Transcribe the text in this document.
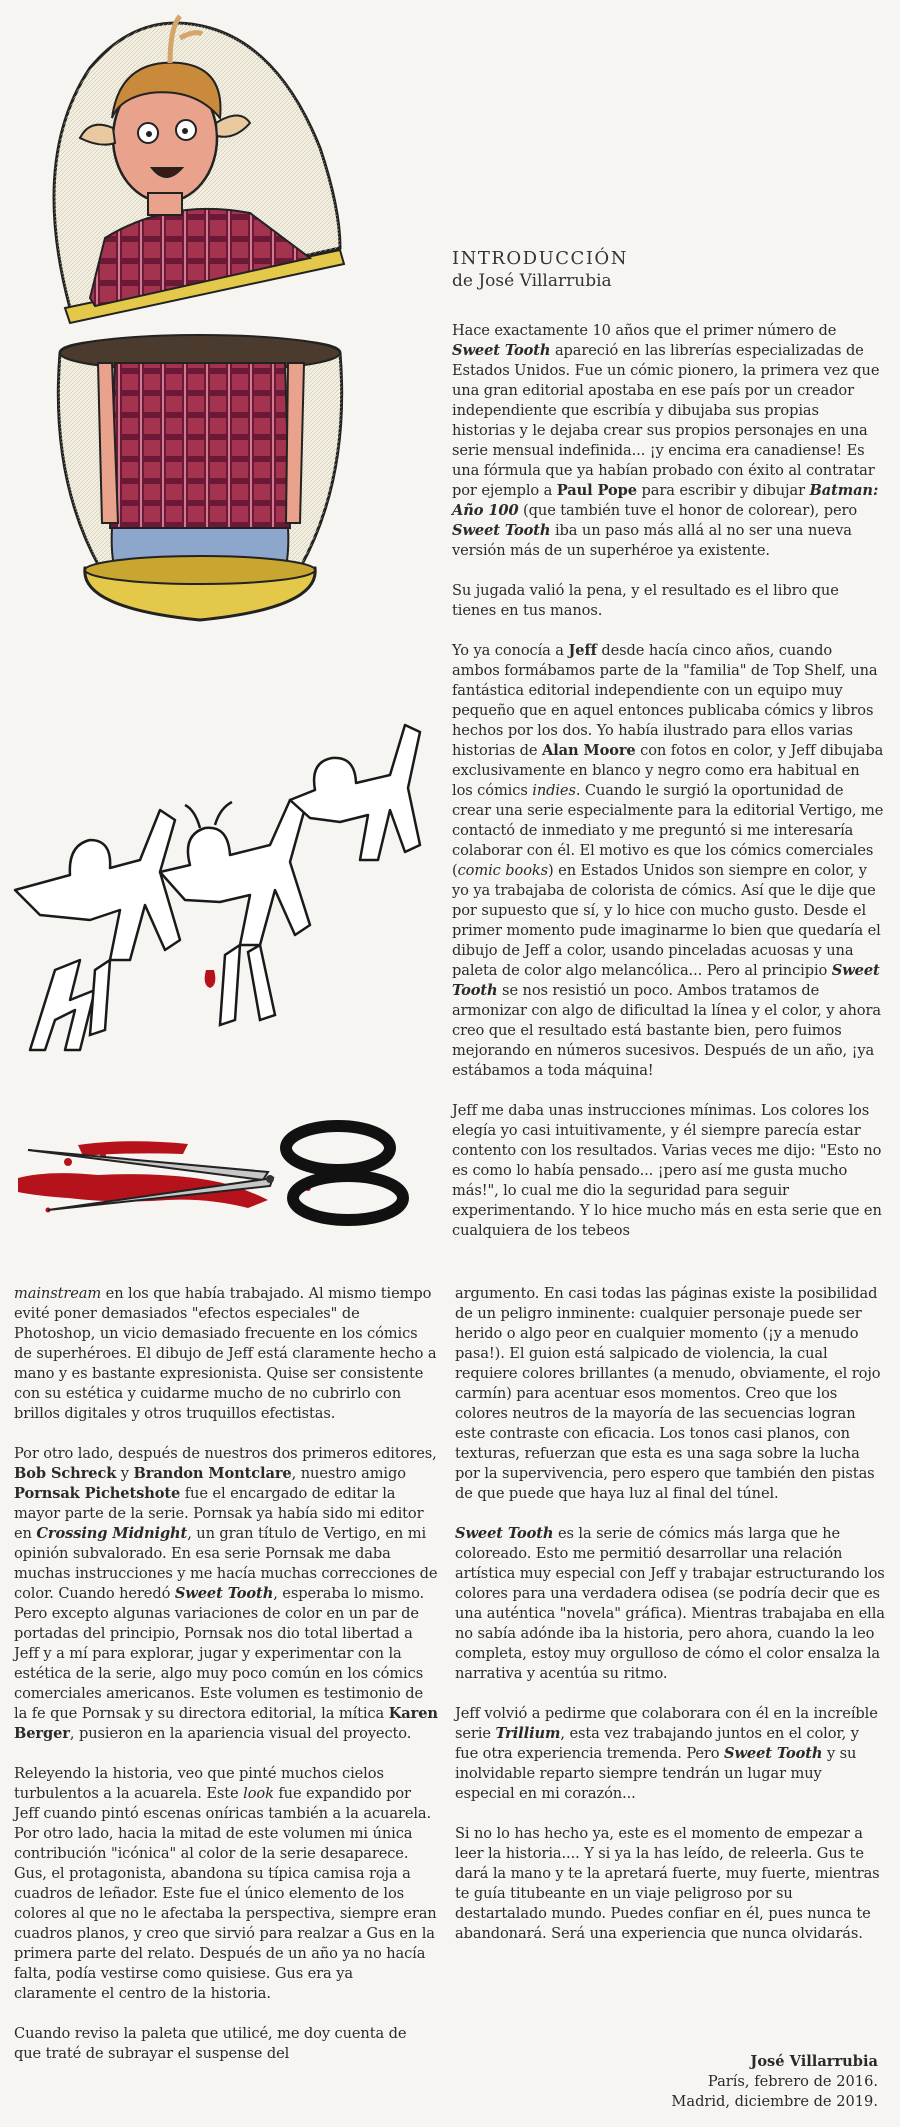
INTRODUCCIÓN
de José Villarrubia

Hace exactamente 10 años que el primer número de Sweet Tooth apareció en las librerías especializadas de Estados Unidos. Fue un cómic pionero, la primera vez que una gran editorial apostaba en ese país por un creador independiente que escribía y dibujaba sus propias historias y le dejaba crear sus propios personajes en una serie mensual indefinida... ¡y encima era canadiense! Es una fórmula que ya habían probado con éxito al contratar por ejemplo a Paul Pope para escribir y dibujar Batman: Año 100 (que también tuve el honor de colorear), pero Sweet Tooth iba un paso más allá al no ser una nueva versión más de un superhéroe ya existente.

Su jugada valió la pena, y el resultado es el libro que tienes en tus manos.

Yo ya conocía a Jeff desde hacía cinco años, cuando ambos formábamos parte de la "familia" de Top Shelf, una fantástica editorial independiente con un equipo muy pequeño que en aquel entonces publicaba cómics y libros hechos por los dos. Yo había ilustrado para ellos varias historias de Alan Moore con fotos en color, y Jeff dibujaba exclusivamente en blanco y negro como era habitual en los cómics indies. Cuando le surgió la oportunidad de crear una serie especialmente para la editorial Vertigo, me contactó de inmediato y me preguntó si me interesaría colaborar con él. El motivo es que los cómics comerciales (comic books) en Estados Unidos son siempre en color, y yo ya trabajaba de colorista de cómics. Así que le dije que por supuesto que sí, y lo hice con mucho gusto. Desde el primer momento pude imaginarme lo bien que quedaría el dibujo de Jeff a color, usando pinceladas acuosas y una paleta de color algo melancólica... Pero al principio Sweet Tooth se nos resistió un poco. Ambos tratamos de armonizar con algo de dificultad la línea y el color, y ahora creo que el resultado está bastante bien, pero fuimos mejorando en números sucesivos. Después de un año, ¡ya estábamos a toda máquina!

Jeff me daba unas instrucciones mínimas. Los colores los elegía yo casi intuitivamente, y él siempre parecía estar contento con los resultados. Varias veces me dijo: "Esto no es como lo había pensado... ¡pero así me gusta mucho más!", lo cual me dio la seguridad para seguir experimentando. Y lo hice mucho más en esta serie que en cualquiera de los tebeos

mainstream en los que había trabajado. Al mismo tiempo evité poner demasiados "efectos especiales" de Photoshop, un vicio demasiado frecuente en los cómics de superhéroes. El dibujo de Jeff está claramente hecho a mano y es bastante expresionista. Quise ser consistente con su estética y cuidarme mucho de no cubrirlo con brillos digitales y otros truquillos efectistas.

Por otro lado, después de nuestros dos primeros editores, Bob Schreck y Brandon Montclare, nuestro amigo Pornsak Pichetshote fue el encargado de editar la mayor parte de la serie. Pornsak ya había sido mi editor en Crossing Midnight, un gran título de Vertigo, en mi opinión subvalorado. En esa serie Pornsak me daba muchas instrucciones y me hacía muchas correcciones de color. Cuando heredó Sweet Tooth, esperaba lo mismo. Pero excepto algunas variaciones de color en un par de portadas del principio, Pornsak nos dio total libertad a Jeff y a mí para explorar, jugar y experimentar con la estética de la serie, algo muy poco común en los cómics comerciales americanos. Este volumen es testimonio de la fe que Pornsak y su directora editorial, la mítica Karen Berger, pusieron en la apariencia visual del proyecto.

Releyendo la historia, veo que pinté muchos cielos turbulentos a la acuarela. Este look fue expandido por Jeff cuando pintó escenas oníricas también a la acuarela. Por otro lado, hacia la mitad de este volumen mi única contribución "icónica" al color de la serie desaparece. Gus, el protagonista, abandona su típica camisa roja a cuadros de leñador. Este fue el único elemento de los colores al que no le afectaba la perspectiva, siempre eran cuadros planos, y creo que sirvió para realzar a Gus en la primera parte del relato. Después de un año ya no hacía falta, podía vestirse como quisiese. Gus era ya claramente el centro de la historia.

Cuando reviso la paleta que utilicé, me doy cuenta de que traté de subrayar el suspense del

argumento. En casi todas las páginas existe la posibilidad de un peligro inminente: cualquier personaje puede ser herido o algo peor en cualquier momento (¡y a menudo pasa!). El guion está salpicado de violencia, la cual requiere colores brillantes (a menudo, obviamente, el rojo carmín) para acentuar esos momentos. Creo que los colores neutros de la mayoría de las secuencias logran este contraste con eficacia. Los tonos casi planos, con texturas, refuerzan que esta es una saga sobre la lucha por la supervivencia, pero espero que también den pistas de que puede que haya luz al final del túnel.

Sweet Tooth es la serie de cómics más larga que he coloreado. Esto me permitió desarrollar una relación artística muy especial con Jeff y trabajar estructurando los colores para una verdadera odisea (se podría decir que es una auténtica "novela" gráfica). Mientras trabajaba en ella no sabía adónde iba la historia, pero ahora, cuando la leo completa, estoy muy orgulloso de cómo el color ensalza la narrativa y acentúa su ritmo.

Jeff volvió a pedirme que colaborara con él en la increíble serie Trillium, esta vez trabajando juntos en el color, y fue otra experiencia tremenda. Pero Sweet Tooth y su inolvidable reparto siempre tendrán un lugar muy especial en mi corazón...

Si no lo has hecho ya, este es el momento de empezar a leer la historia.... Y si ya la has leído, de releerla. Gus te dará la mano y te la apretará fuerte, muy fuerte, mientras te guía titubeante en un viaje peligroso por su destartalado mundo. Puedes confiar en él, pues nunca te abandonará. Será una experiencia que nunca olvidarás.

José Villarrubia
París, febrero de 2016.
Madrid, diciembre de 2019.
